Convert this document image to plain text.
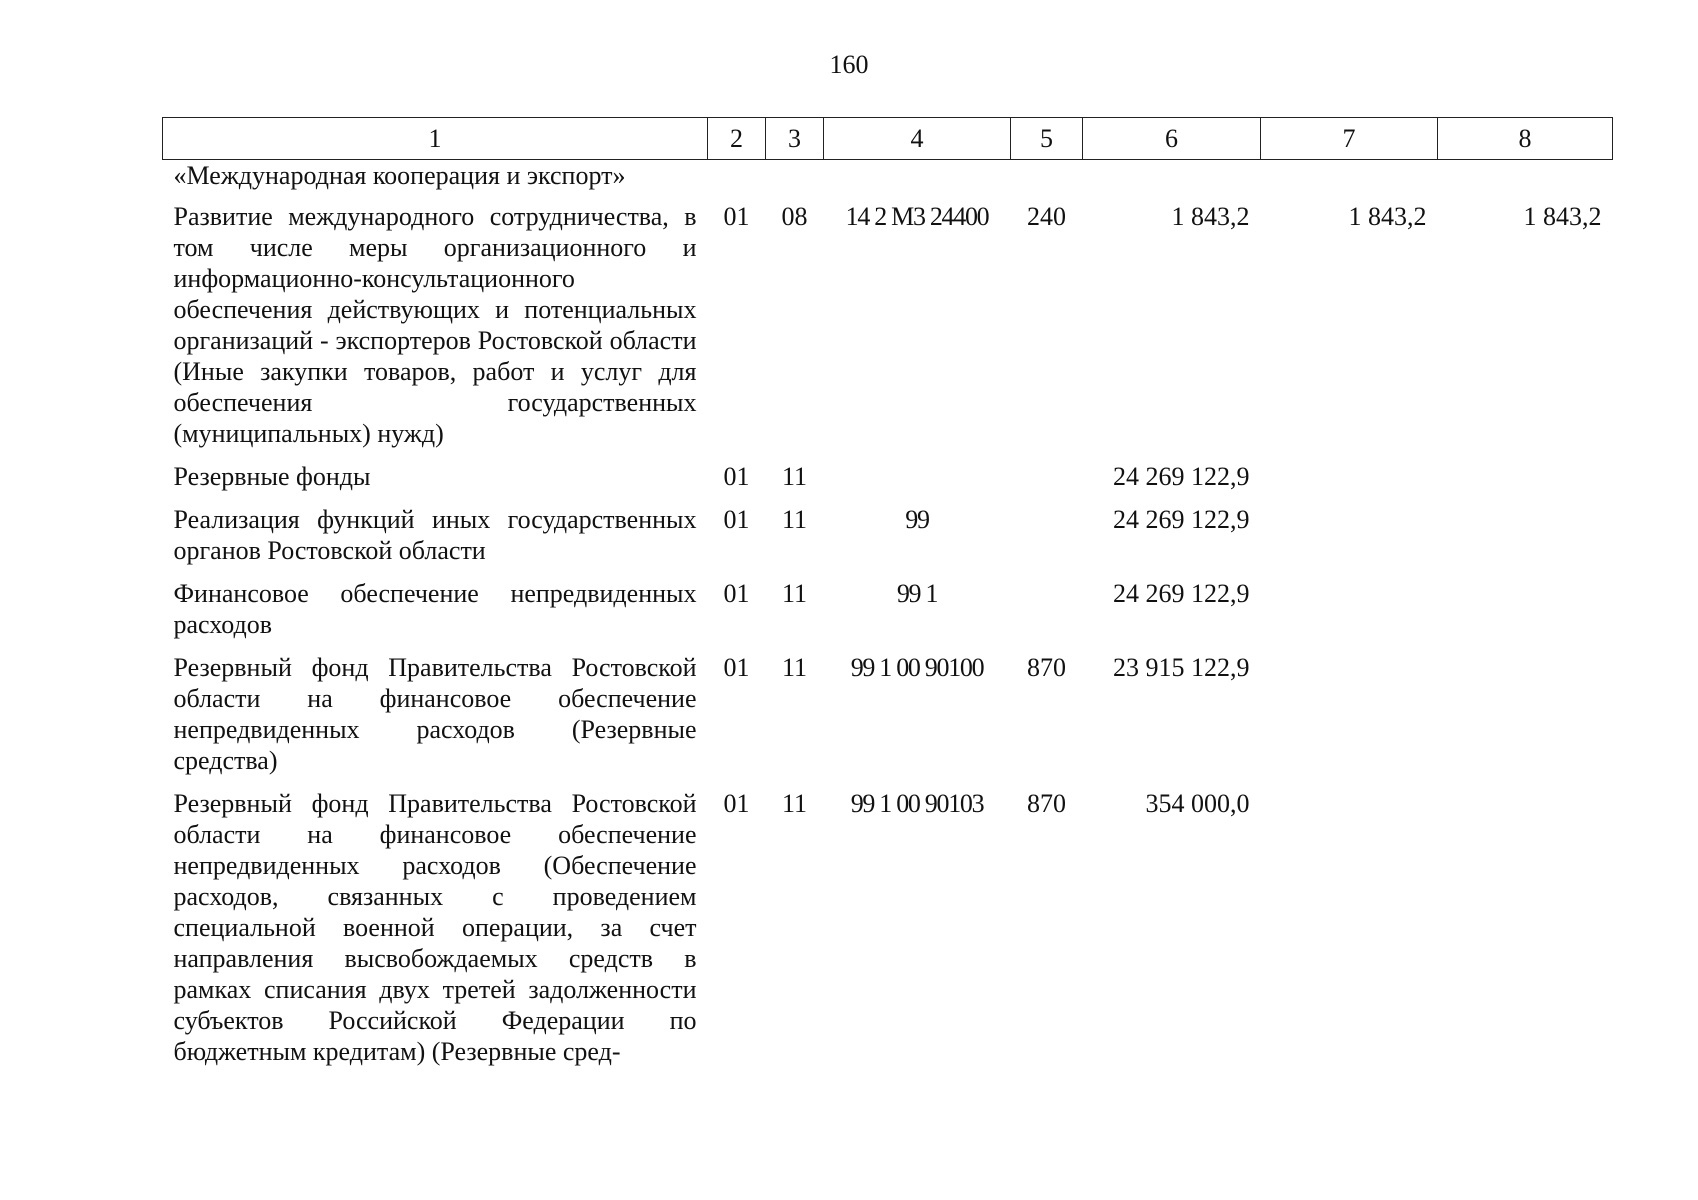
160
1	2	3	4	5	6	7	8
«Международная кооперация и экспорт»							
Развитие международного сотрудничества, в том числе меры организационного и информационно-консультационного обеспечения действующих и потенциальных организаций - экспортеров Ростовской области (Иные закупки товаров, работ и услуг для обеспечения государственных (муниципальных) нужд)	01	08	14 2 М3 24400	240	1 843,2	1 843,2	1 843,2
Резервные фонды	01	11			24 269 122,9		
Реализация функций иных государственных органов Ростовской области	01	11	99		24 269 122,9		
Финансовое обеспечение непредвиденных расходов	01	11	99 1		24 269 122,9		
Резервный фонд Правительства Ростовской области на финансовое обеспечение непредвиденных расходов (Резервные средства)	01	11	99 1 00 90100	870	23 915 122,9		
Резервный фонд Правительства Ростовской области на финансовое обеспечение непредвиденных расходов (Обеспечение расходов, связанных с проведением специальной военной операции, за счет направления высвобождаемых средств в рамках списания двух третей задолженности субъектов Российской Федерации по бюджетным кредитам) (Резервные сред-	01	11	99 1 00 90103	870	354 000,0		
